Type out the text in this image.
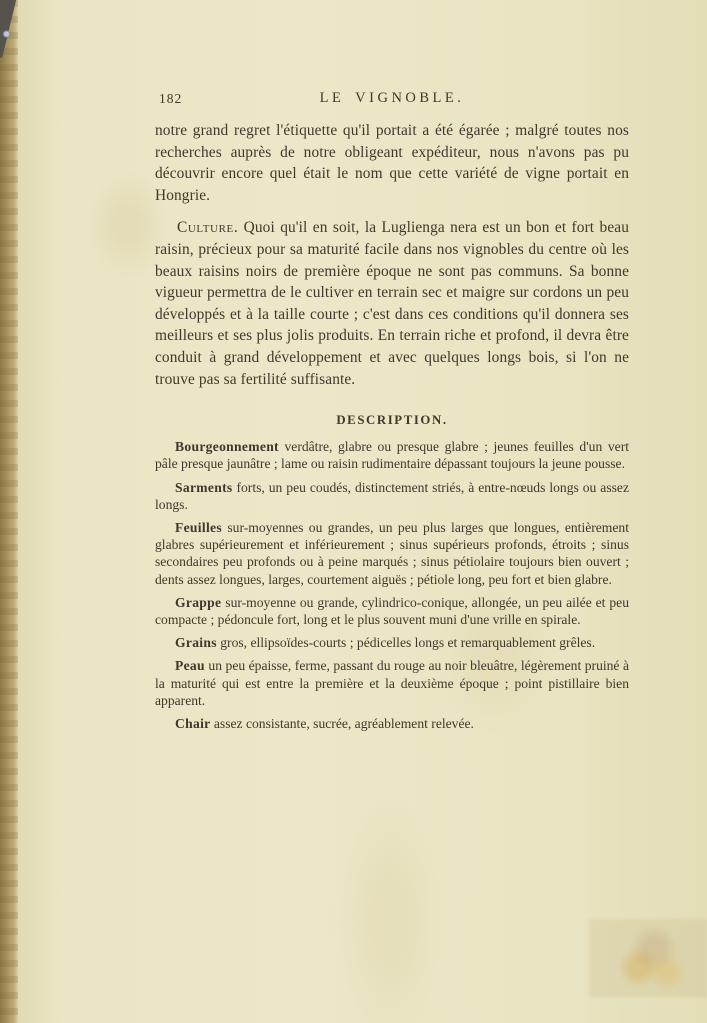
182	LE VIGNOBLE.

notre grand regret l'étiquette qu'il portait a été égarée ; malgré toutes nos recherches auprès de notre obligeant expéditeur, nous n'avons pas pu découvrir encore quel était le nom que cette variété de vigne portait en Hongrie.

Culture. Quoi qu'il en soit, la Luglienga nera est un bon et fort beau raisin, précieux pour sa maturité facile dans nos vignobles du centre où les beaux raisins noirs de première époque ne sont pas communs. Sa bonne vigueur permettra de le cultiver en terrain sec et maigre sur cordons un peu développés et à la taille courte ; c'est dans ces conditions qu'il donnera ses meilleurs et ses plus jolis produits. En terrain riche et profond, il devra être conduit à grand développement et avec quelques longs bois, si l'on ne trouve pas sa fertilité suffisante.

DESCRIPTION.

Bourgeonnement verdâtre, glabre ou presque glabre ; jeunes feuilles d'un vert pâle presque jaunâtre ; lame ou raisin rudimentaire dépassant toujours la jeune pousse.

Sarments forts, un peu coudés, distinctement striés, à entre-nœuds longs ou assez longs.

Feuilles sur-moyennes ou grandes, un peu plus larges que longues, entièrement glabres supérieurement et inférieurement ; sinus supérieurs profonds, étroits ; sinus secondaires peu profonds ou à peine marqués ; sinus pétiolaire toujours bien ouvert ; dents assez longues, larges, courtement aiguës ; pétiole long, peu fort et bien glabre.

Grappe sur-moyenne ou grande, cylindrico-conique, allongée, un peu ailée et peu compacte ; pédoncule fort, long et le plus souvent muni d'une vrille en spirale.

Grains gros, ellipsoïdes-courts ; pédicelles longs et remarquablement grêles.

Peau un peu épaisse, ferme, passant du rouge au noir bleuâtre, légèrement pruiné à la maturité qui est entre la première et la deuxième époque ; point pistillaire bien apparent.

Chair assez consistante, sucrée, agréablement relevée.
